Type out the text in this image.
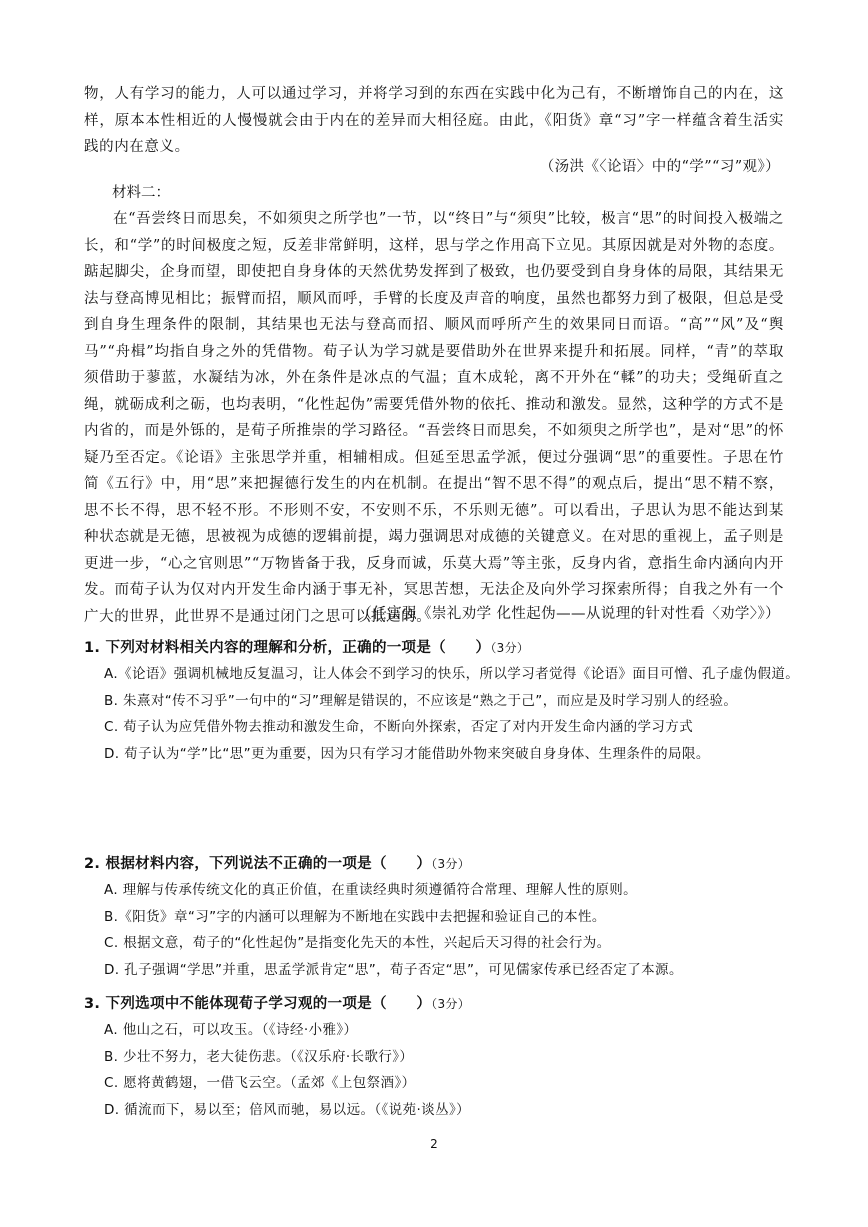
物，人有学习的能力，人可以通过学习，并将学习到的东西在实践中化为己有，不断增饰自己的内在，这样，原本本性相近的人慢慢就会由于内在的差异而大相径庭。由此，《阳货》章“习”字一样蕴含着生活实践的内在意义。

（汤洪《〈论语〉中的“学”“习”观》）

材料二：

在“吾尝终日而思矣，不如须臾之所学也”一节，以“终日”与“须臾”比较，极言“思”的时间投入极端之长，和“学”的时间极度之短，反差非常鲜明，这样，思与学之作用高下立见。其原因就是对外物的态度。踮起脚尖，企身而望，即使把自身身体的天然优势发挥到了极致，也仍要受到自身身体的局限，其结果无法与登高博见相比；振臂而招，顺风而呼，手臂的长度及声音的响度，虽然也都努力到了极限，但总是受到自身生理条件的限制，其结果也无法与登高而招、顺风而呼所产生的效果同日而语。“高”“风”及“舆马”“舟楫”均指自身之外的凭借物。荀子认为学习就是要借助外在世界来提升和拓展。同样，“青”的萃取须借助于蓼蓝，水凝结为冰，外在条件是冰点的气温；直木成轮，离不开外在“輮”的功夫；受绳斫直之绳，就砺成利之砺，也均表明，“化性起伪”需要凭借外物的依托、推动和激发。显然，这种学的方式不是内省的，而是外铄的，是荀子所推崇的学习路径。“吾尝终日而思矣，不如须臾之所学也”，是对“思”的怀疑乃至否定。《论语》主张思学并重，相辅相成。但延至思孟学派，便过分强调“思”的重要性。子思在竹简《五行》中，用“思”来把握德行发生的内在机制。在提出“智不思不得”的观点后，提出“思不精不察，思不长不得，思不轻不形。不形则不安，不安则不乐，不乐则无德”。可以看出，子思认为思不能达到某种状态就是无德，思被视为成德的逻辑前提，竭力强调思对成德的关键意义。在对思的重视上，孟子则是更进一步，“心之官则思”“万物皆备于我，反身而诚，乐莫大焉”等主张，反身内省，意指生命内涵向内开发。而荀子认为仅对内开发生命内涵于事无补，冥思苦想，无法企及向外学习探索所得；自我之外有一个广大的世界，此世界不是通过闭门之思可以抵达的。

（任富强《崇礼劝学 化性起伪——从说理的针对性看〈劝学〉》）

1. 下列对材料相关内容的理解和分析，正确的一项是（　　）（3分）

A.《论语》强调机械地反复温习，让人体会不到学习的快乐，所以学习者觉得《论语》面目可憎、孔子虚伪假道。

B. 朱熹对“传不习乎”一句中的“习”理解是错误的，不应该是“熟之于己”，而应是及时学习别人的经验。

C. 荀子认为应凭借外物去推动和激发生命，不断向外探索，否定了对内开发生命内涵的学习方式

D. 荀子认为“学”比“思”更为重要，因为只有学习才能借助外物来突破自身身体、生理条件的局限。

2. 根据材料内容，下列说法不正确的一项是（　　）（3分）

A. 理解与传承传统文化的真正价值，在重读经典时须遵循符合常理、理解人性的原则。

B.《阳货》章“习”字的内涵可以理解为不断地在实践中去把握和验证自己的本性。

C. 根据文意，荀子的“化性起伪”是指变化先天的本性，兴起后天习得的社会行为。

D. 孔子强调“学思”并重，思孟学派肯定“思”，荀子否定“思”，可见儒家传承已经否定了本源。

3. 下列选项中不能体现荀子学习观的一项是（　　）（3分）

A. 他山之石，可以攻玉。（《诗经·小雅》）

B. 少壮不努力，老大徒伤悲。（《汉乐府·长歌行》）

C. 愿将黄鹤翅，一借飞云空。（孟郊《上包祭酒》）

D. 循流而下，易以至；倍风而驰，易以远。（《说苑·谈丛》）

2
